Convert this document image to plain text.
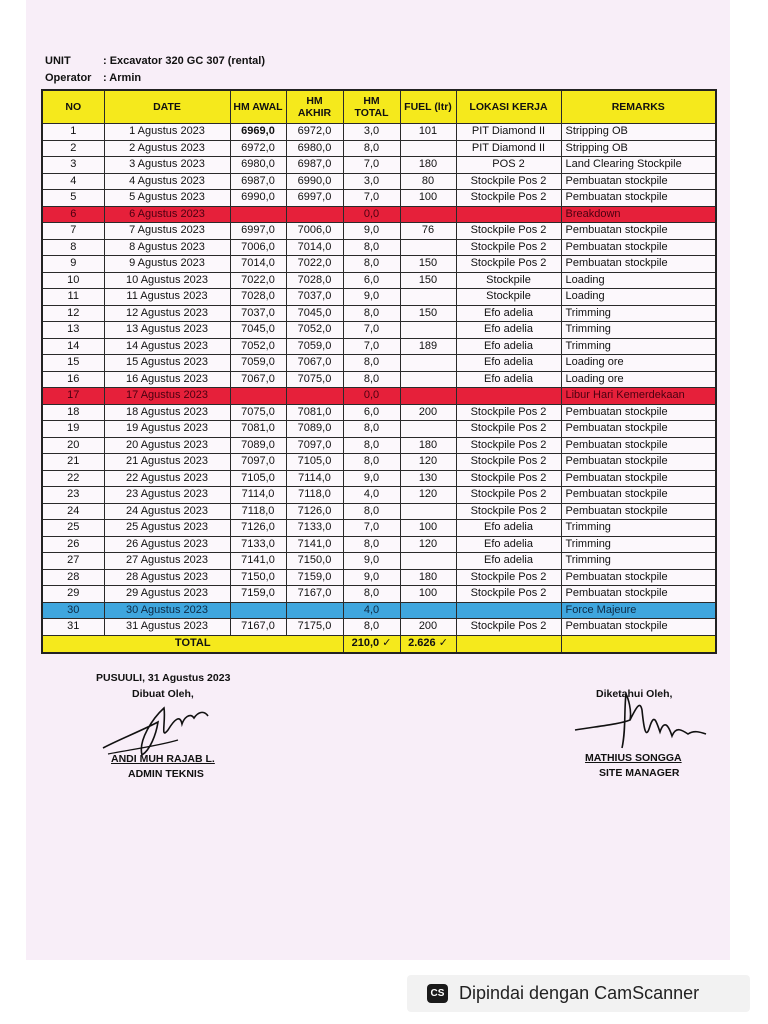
UNIT	: Excavator 320 GC 307 (rental)
Operator : Armin
NO	DATE	HM AWAL	HM AKHIR	HM TOTAL	FUEL (ltr)	LOKASI KERJA	REMARKS
1	1 Agustus 2023	6969,0	6972,0	3,0	101	PIT Diamond II	Stripping OB
2	2 Agustus 2023	6972,0	6980,0	8,0		PIT Diamond II	Stripping OB
3	3 Agustus 2023	6980,0	6987,0	7,0	180	POS 2	Land Clearing Stockpile
4	4 Agustus 2023	6987,0	6990,0	3,0	80	Stockpile Pos 2	Pembuatan stockpile
5	5 Agustus 2023	6990,0	6997,0	7,0	100	Stockpile Pos 2	Pembuatan stockpile
6	6 Agustus 2023			0,0			Breakdown
7	7 Agustus 2023	6997,0	7006,0	9,0	76	Stockpile Pos 2	Pembuatan stockpile
8	8 Agustus 2023	7006,0	7014,0	8,0		Stockpile Pos 2	Pembuatan stockpile
9	9 Agustus 2023	7014,0	7022,0	8,0	150	Stockpile Pos 2	Pembuatan stockpile
10	10 Agustus 2023	7022,0	7028,0	6,0	150	Stockpile	Loading
11	11 Agustus 2023	7028,0	7037,0	9,0		Stockpile	Loading
12	12 Agustus 2023	7037,0	7045,0	8,0	150	Efo adelia	Trimming
13	13 Agustus 2023	7045,0	7052,0	7,0		Efo adelia	Trimming
14	14 Agustus 2023	7052,0	7059,0	7,0	189	Efo adelia	Trimming
15	15 Agustus 2023	7059,0	7067,0	8,0		Efo adelia	Loading ore
16	16 Agustus 2023	7067,0	7075,0	8,0		Efo adelia	Loading ore
17	17 Agustus 2023			0,0			Libur Hari Kemerdekaan
18	18 Agustus 2023	7075,0	7081,0	6,0	200	Stockpile Pos 2	Pembuatan stockpile
19	19 Agustus 2023	7081,0	7089,0	8,0		Stockpile Pos 2	Pembuatan stockpile
20	20 Agustus 2023	7089,0	7097,0	8,0	180	Stockpile Pos 2	Pembuatan stockpile
21	21 Agustus 2023	7097,0	7105,0	8,0	120	Stockpile Pos 2	Pembuatan stockpile
22	22 Agustus 2023	7105,0	7114,0	9,0	130	Stockpile Pos 2	Pembuatan stockpile
23	23 Agustus 2023	7114,0	7118,0	4,0	120	Stockpile Pos 2	Pembuatan stockpile
24	24 Agustus 2023	7118,0	7126,0	8,0		Stockpile Pos 2	Pembuatan stockpile
25	25 Agustus 2023	7126,0	7133,0	7,0	100	Efo adelia	Trimming
26	26 Agustus 2023	7133,0	7141,0	8,0	120	Efo adelia	Trimming
27	27 Agustus 2023	7141,0	7150,0	9,0		Efo adelia	Trimming
28	28 Agustus 2023	7150,0	7159,0	9,0	180	Stockpile Pos 2	Pembuatan stockpile
29	29 Agustus 2023	7159,0	7167,0	8,0	100	Stockpile Pos 2	Pembuatan stockpile
30	30 Agustus 2023			4,0			Force Majeure
31	31 Agustus 2023	7167,0	7175,0	8,0	200	Stockpile Pos 2	Pembuatan stockpile
TOTAL				210,0 ✓	2.626 ✓		
PUSUULI, 31 Agustus 2023
Dibuat Oleh,
ANDI MUH RAJAB L.
ADMIN TEKNIS
Diketahui Oleh,
MATHIUS SONGGA
SITE MANAGER
CS Dipindai dengan CamScanner
